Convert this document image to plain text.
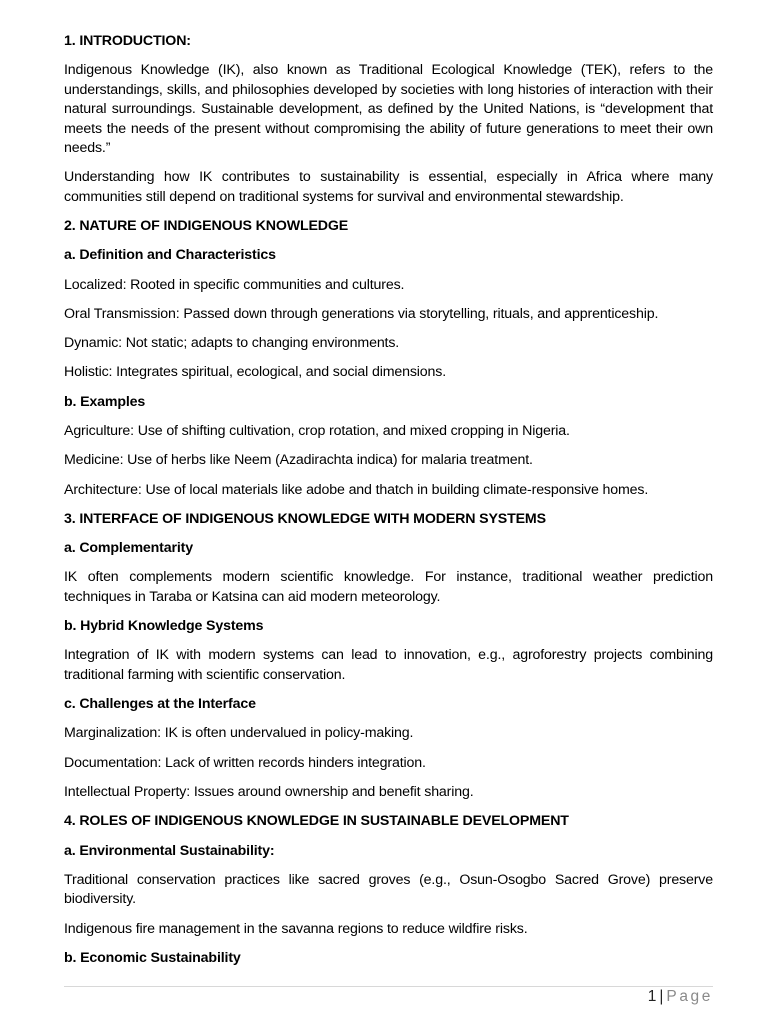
1. INTRODUCTION:

Indigenous Knowledge (IK), also known as Traditional Ecological Knowledge (TEK), refers to the understandings, skills, and philosophies developed by societies with long histories of interaction with their natural surroundings. Sustainable development, as defined by the United Nations, is “development that meets the needs of the present without compromising the ability of future generations to meet their own needs.”

Understanding how IK contributes to sustainability is essential, especially in Africa where many communities still depend on traditional systems for survival and environmental stewardship.

2. NATURE OF INDIGENOUS KNOWLEDGE

a. Definition and Characteristics

Localized: Rooted in specific communities and cultures.

Oral Transmission: Passed down through generations via storytelling, rituals, and apprenticeship.

Dynamic: Not static; adapts to changing environments.

Holistic: Integrates spiritual, ecological, and social dimensions.

b. Examples

Agriculture: Use of shifting cultivation, crop rotation, and mixed cropping in Nigeria.

Medicine: Use of herbs like Neem (Azadirachta indica) for malaria treatment.

Architecture: Use of local materials like adobe and thatch in building climate-responsive homes.

3. INTERFACE OF INDIGENOUS KNOWLEDGE WITH MODERN SYSTEMS

a. Complementarity

IK often complements modern scientific knowledge. For instance, traditional weather prediction techniques in Taraba or Katsina can aid modern meteorology.

b. Hybrid Knowledge Systems

Integration of IK with modern systems can lead to innovation, e.g., agroforestry projects combining traditional farming with scientific conservation.

c. Challenges at the Interface

Marginalization: IK is often undervalued in policy-making.

Documentation: Lack of written records hinders integration.

Intellectual Property: Issues around ownership and benefit sharing.

4. ROLES OF INDIGENOUS KNOWLEDGE IN SUSTAINABLE DEVELOPMENT

a. Environmental Sustainability:

Traditional conservation practices like sacred groves (e.g., Osun-Osogbo Sacred Grove) preserve biodiversity.

Indigenous fire management in the savanna regions to reduce wildfire risks.

b. Economic Sustainability

1 | Page
